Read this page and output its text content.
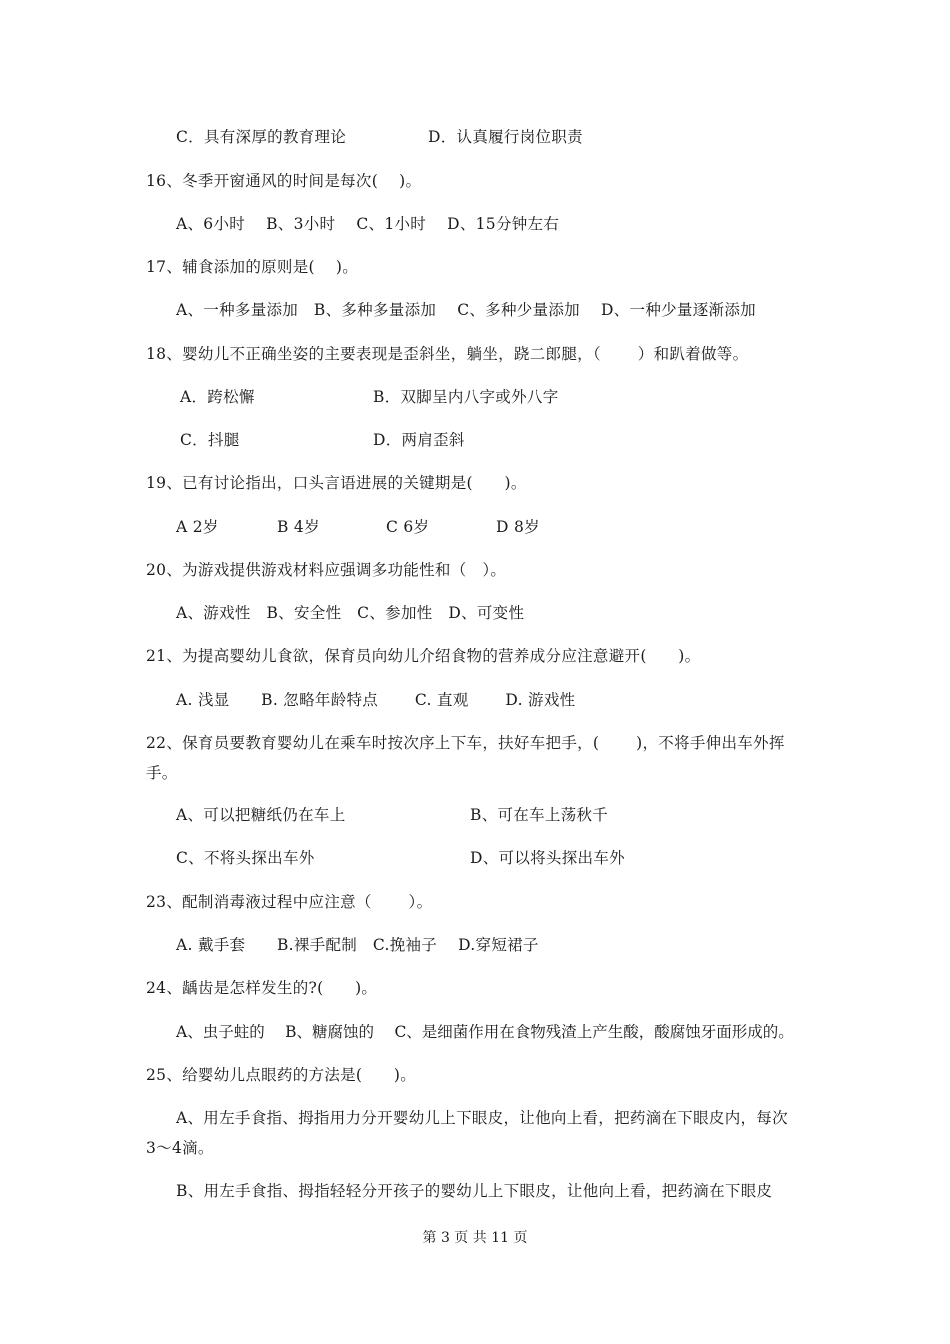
C．具有深厚的教育理论	D．认真履行岗位职责
16、冬季开窗通风的时间是每次(　 )。
A、6小时　 B、3小时　 C、1小时　 D、15分钟左右
17、辅食添加的原则是(　 )。
A、一种多量添加　B、多种多量添加　 C、多种少量添加　 D、一种少量逐渐添加
18、婴幼儿不正确坐姿的主要表现是歪斜坐，躺坐，跷二郎腿，（　　 ）和趴着做等。
A．跨松懈	B．双脚呈内八字或外八字
C．抖腿	D．两肩歪斜
19、已有讨论指出，口头言语进展的关键期是(　　)。
A 2岁	B 4岁	C 6岁	D 8岁
20、为游戏提供游戏材料应强调多功能性和（　）。
A、游戏性　B、安全性　C、参加性　D、可变性
21、为提高婴幼儿食欲，保育员向幼儿介绍食物的营养成分应注意避开(　　)。
A. 浅显　　B. 忽略年龄特点　　 C. 直观　　 D. 游戏性
22、保育员要教育婴幼儿在乘车时按次序上下车，扶好车把手，(　　 )，不将手伸出车外挥手。
A、可以把糖纸仍在车上	B、可在车上荡秋千
C、不将头探出车外	D、可以将头探出车外
23、配制消毒液过程中应注意（　　 ）。
A. 戴手套　　B.裸手配制　C.挽袖子　 D.穿短裙子
24、龋齿是怎样发生的?(　　)。
A、虫子蛀的　 B、糖腐蚀的　 C、是细菌作用在食物残渣上产生酸，酸腐蚀牙面形成的。
25、给婴幼儿点眼药的方法是(　　)。
A、用左手食指、拇指用力分开婴幼儿上下眼皮，让他向上看，把药滴在下眼皮内，每次3～4滴。
B、用左手食指、拇指轻轻分开孩子的婴幼儿上下眼皮，让他向上看，把药滴在下眼皮
第 3 页 共 11 页
